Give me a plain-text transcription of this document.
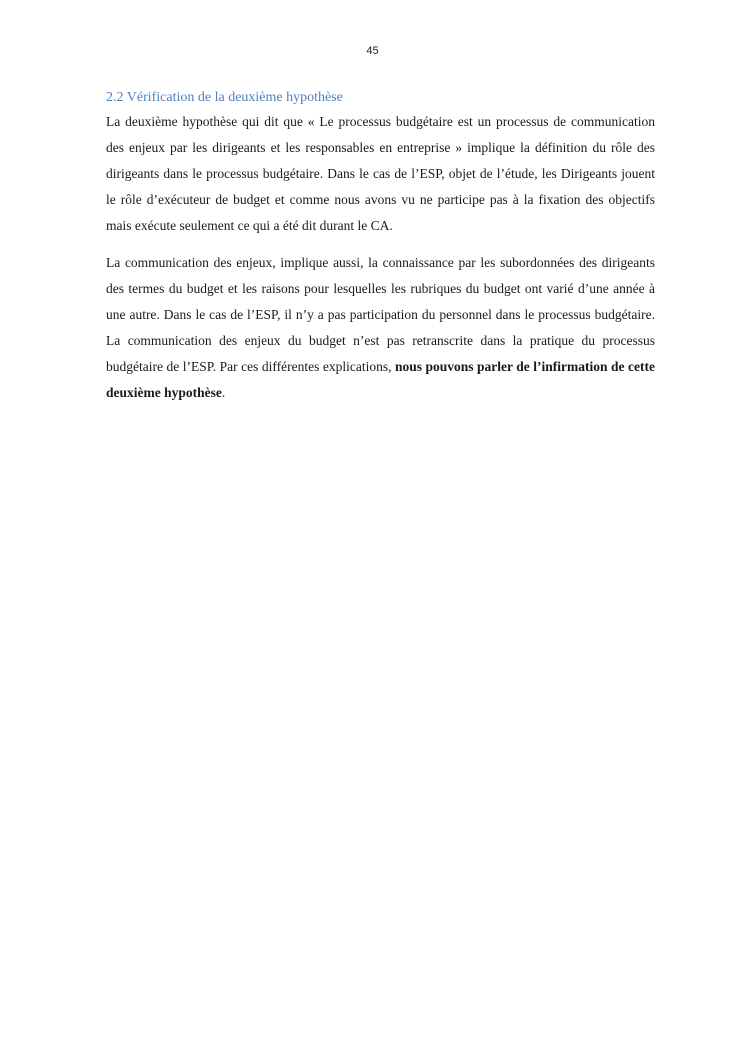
45
2.2 Vérification de la deuxième hypothèse

La deuxième hypothèse qui dit que « Le processus budgétaire est un processus de communication des enjeux par les dirigeants et les responsables en entreprise » implique la définition du rôle des dirigeants dans le processus budgétaire. Dans le cas de l’ESP, objet de l’étude, les Dirigeants jouent le rôle d’exécuteur de budget et comme nous avons vu ne participe pas à la fixation des objectifs mais exécute seulement ce qui a été dit durant le CA.

La communication des enjeux, implique aussi, la connaissance par les subordonnées des dirigeants des termes du budget et les raisons pour lesquelles les rubriques du budget ont varié d’une année à une autre. Dans le cas de l’ESP, il n’y a pas participation du personnel dans le processus budgétaire. La communication des enjeux du budget n’est pas retranscrite dans la pratique du processus budgétaire de l’ESP. Par ces différentes explications, nous pouvons parler de l’infirmation de cette deuxième hypothèse.
